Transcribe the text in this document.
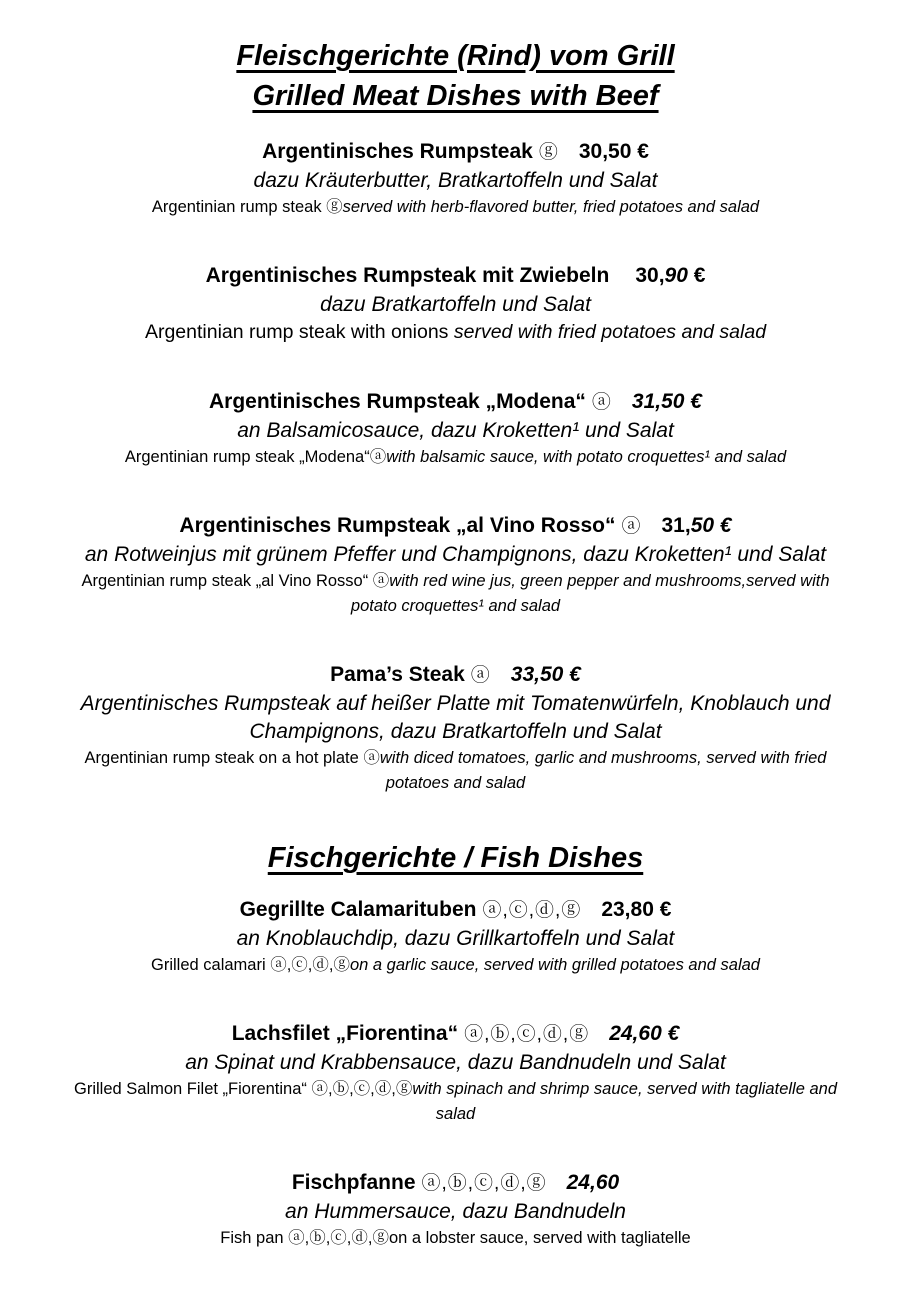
Fleischgerichte (Rind) vom Grill
Grilled Meat Dishes with Beef
Argentinisches Rumpsteak ⓖ 30,50 €
dazu Kräuterbutter, Bratkartoffeln und Salat
Argentinian rump steak ⓖserved with herb-flavored butter, fried potatoes and salad
Argentinisches Rumpsteak mit Zwiebeln 30,90 €
dazu Bratkartoffeln und Salat
Argentinian rump steak with onions served with fried potatoes and salad
Argentinisches Rumpsteak „Modena“ ⓐ 31,50 €
an Balsamicosauce, dazu Kroketten¹ und Salat
Argentinian rump steak „Modena“ⓐwith balsamic sauce, with potato croquettes¹ and salad
Argentinisches Rumpsteak „al Vino Rosso“ ⓐ 31,50 €
an Rotweinjus mit grünem Pfeffer und Champignons, dazu Kroketten¹ und Salat
Argentinian rump steak „al Vino Rosso“ ⓐwith red wine jus, green pepper and mushrooms,served with potato croquettes¹ and salad
Pama’s Steak ⓐ 33,50 €
Argentinisches Rumpsteak auf heißer Platte mit Tomatenwürfeln, Knoblauch und Champignons, dazu Bratkartoffeln und Salat
Argentinian rump steak on a hot plate ⓐwith diced tomatoes, garlic and mushrooms, served with fried potatoes and salad
Fischgerichte / Fish Dishes
Gegrillte Calamarituben ⓐ,ⓒ,ⓓ,ⓖ 23,80 €
an Knoblauchdip, dazu Grillkartoffeln und Salat
Grilled calamari ⓐ,ⓒ,ⓓ,ⓖon a garlic sauce, served with grilled potatoes and salad
Lachsfilet „Fiorentina“ ⓐ,ⓑ,ⓒ,ⓓ,ⓖ 24,60 €
an Spinat und Krabbensauce, dazu Bandnudeln und Salat
Grilled Salmon Filet „Fiorentina“ ⓐ,ⓑ,ⓒ,ⓓ,ⓖwith spinach and shrimp sauce, served with tagliatelle and salad
Fischpfanne ⓐ,ⓑ,ⓒ,ⓓ,ⓖ 24,60
an Hummersauce, dazu Bandnudeln
Fish pan ⓐ,ⓑ,ⓒ,ⓓ,ⓖon a lobster sauce, served with tagliatelle
